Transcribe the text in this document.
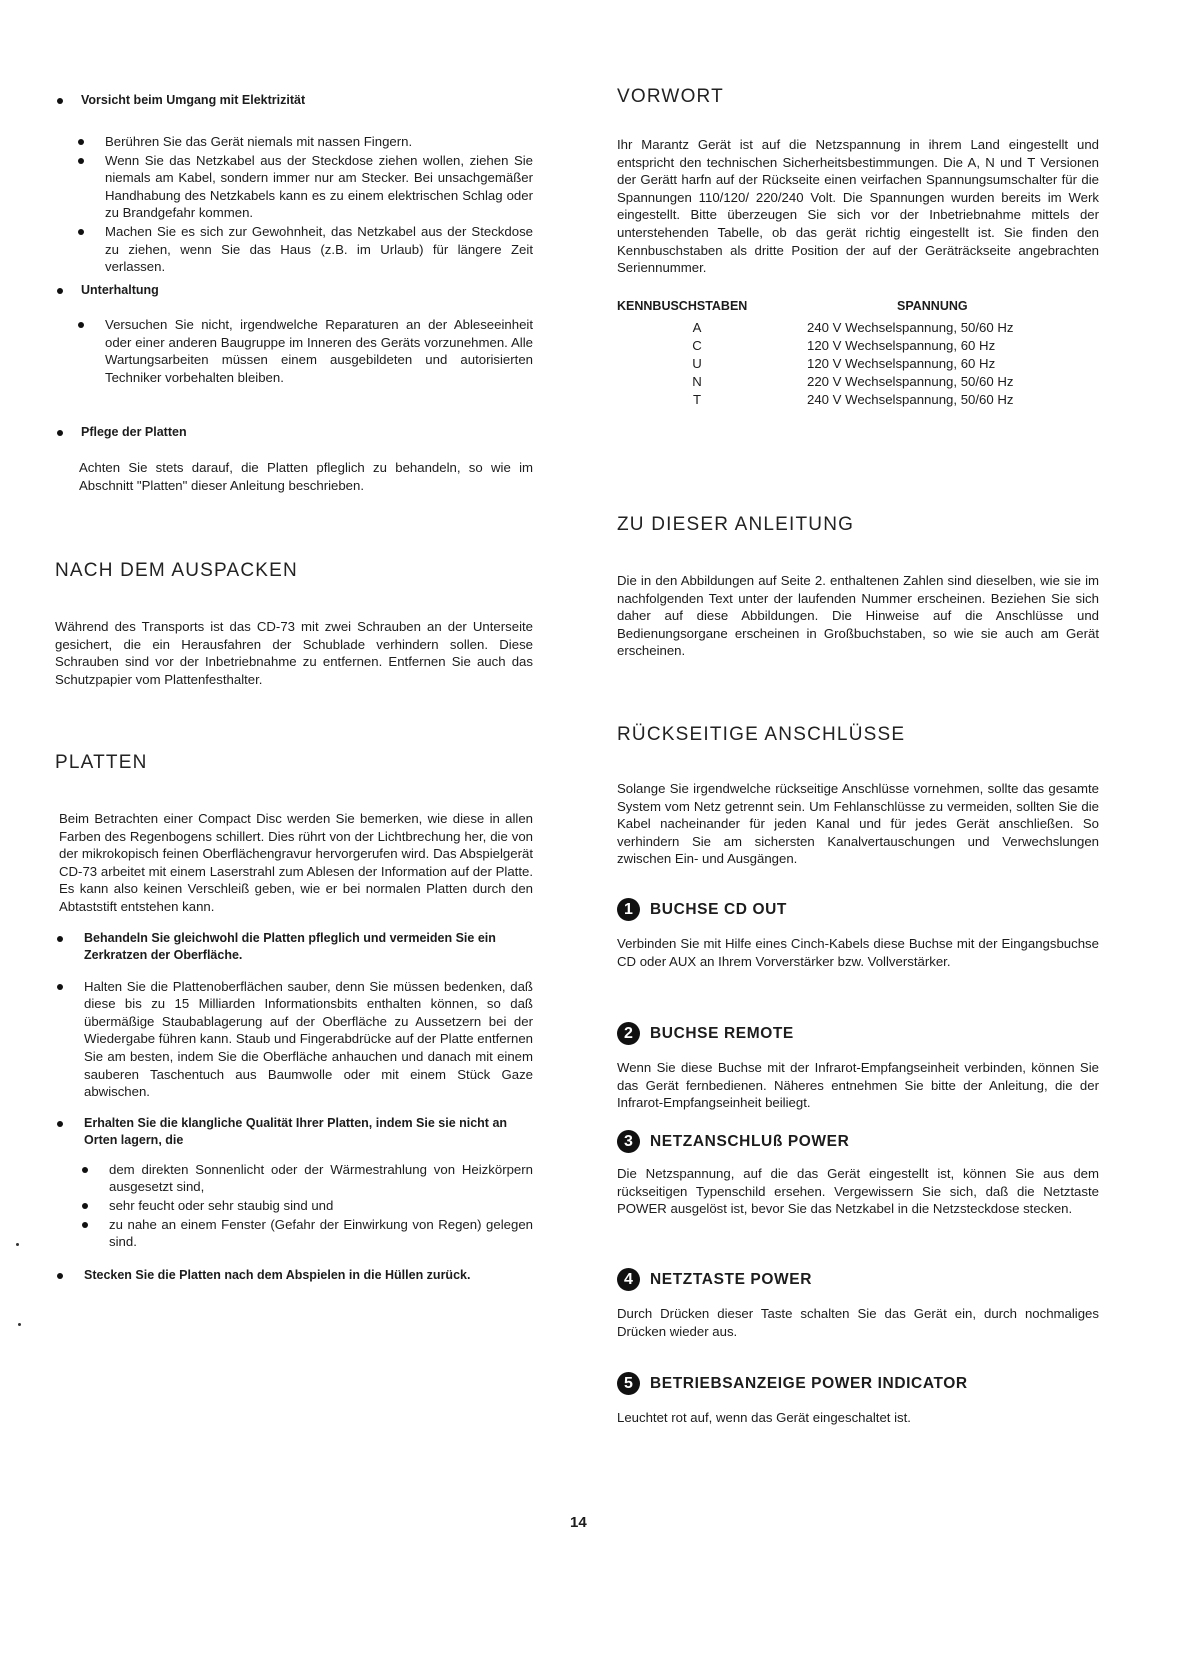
Vorsicht beim Umgang mit Elektrizität

Berühren Sie das Gerät niemals mit nassen Fingern.

Wenn Sie das Netzkabel aus der Steckdose ziehen wollen, ziehen Sie niemals am Kabel, sondern immer nur am Stecker. Bei unsachgemäßer Handhabung des Netzkabels kann es zu einem elektrischen Schlag oder zu Brandgefahr kommen.

Machen Sie es sich zur Gewohnheit, das Netzkabel aus der Steckdose zu ziehen, wenn Sie das Haus (z.B. im Urlaub) für längere Zeit verlassen.

Unterhaltung

Versuchen Sie nicht, irgendwelche Reparaturen an der Ableseeinheit oder einer anderen Baugruppe im Inneren des Geräts vorzunehmen. Alle Wartungsarbeiten müssen einem ausgebildeten und autorisierten Techniker vorbehalten bleiben.

Pflege der Platten

Achten Sie stets darauf, die Platten pfleglich zu behandeln, so wie im Abschnitt "Platten" dieser Anleitung beschrieben.

NACH DEM AUSPACKEN

Während des Transports ist das CD-73 mit zwei Schrauben an der Unterseite gesichert, die ein Herausfahren der Schublade verhindern sollen. Diese Schrauben sind vor der Inbetriebnahme zu entfernen. Entfernen Sie auch das Schutzpapier vom Plattenfesthalter.

PLATTEN

Beim Betrachten einer Compact Disc werden Sie bemerken, wie diese in allen Farben des Regenbogens schillert. Dies rührt von der Lichtbrechung her, die von der mikrokopisch feinen Oberflächengravur hervorgerufen wird. Das Abspielgerät CD-73 arbeitet mit einem Laserstrahl zum Ablesen der Information auf der Platte. Es kann also keinen Verschleiß geben, wie er bei normalen Platten durch den Abtaststift entstehen kann.

Behandeln Sie gleichwohl die Platten pfleglich und vermeiden Sie ein Zerkratzen der Oberfläche.

Halten Sie die Plattenoberflächen sauber, denn Sie müssen bedenken, daß diese bis zu 15 Milliarden Informationsbits enthalten können, so daß übermäßige Staubablagerung auf der Oberfläche zu Aussetzern bei der Wiedergabe führen kann. Staub und Fingerabdrücke auf der Platte entfernen Sie am besten, indem Sie die Oberfläche anhauchen und danach mit einem sauberen Taschentuch aus Baumwolle oder mit einem Stück Gaze abwischen.

Erhalten Sie die klangliche Qualität Ihrer Platten, indem Sie sie nicht an Orten lagern, die

dem direkten Sonnenlicht oder der Wärmestrahlung von Heizkörpern ausgesetzt sind,

sehr feucht oder sehr staubig sind und

zu nahe an einem Fenster (Gefahr der Einwirkung von Regen) gelegen sind.

Stecken Sie die Platten nach dem Abspielen in die Hüllen zurück.

VORWORT

Ihr Marantz Gerät ist auf die Netzspannung in ihrem Land eingestellt und entspricht den technischen Sicherheitsbestimmungen. Die A, N und T Versionen der Gerätt harfn auf der Rückseite einen veirfachen Spannungsumschalter für die Spannungen 110/120/ 220/240 Volt. Die Spannungen wurden bereits im Werk eingestellt. Bitte überzeugen Sie sich vor der Inbetriebnahme mittels der unterstehenden Tabelle, ob das gerät richtig eingestellt ist. Sie finden den Kennbuschstaben als dritte Position der auf der Geräträckseite angebrachten Seriennummer.

KENNBUSCHSTABEN	SPANNUNG
A	240 V Wechselspannung, 50/60 Hz
C	120 V Wechselspannung, 60 Hz
U	120 V Wechselspannung, 60 Hz
N	220 V Wechselspannung, 50/60 Hz
T	240 V Wechselspannung, 50/60 Hz
ZU DIESER ANLEITUNG

Die in den Abbildungen auf Seite 2. enthaltenen Zahlen sind dieselben, wie sie im nachfolgenden Text unter der laufenden Nummer erscheinen. Beziehen Sie sich daher auf diese Abbildungen. Die Hinweise auf die Anschlüsse und Bedienungsorgane erscheinen in Großbuchstaben, so wie sie auch am Gerät erscheinen.

RÜCKSEITIGE ANSCHLÜSSE

Solange Sie irgendwelche rückseitige Anschlüsse vornehmen, sollte das gesamte System vom Netz getrennt sein. Um Fehlanschlüsse zu vermeiden, sollten Sie die Kabel nacheinander für jeden Kanal und für jedes Gerät anschließen. So verhindern Sie am sichersten Kanalvertauschungen und Verwechslungen zwischen Ein- und Ausgängen.

1	BUCHSE CD OUT

Verbinden Sie mit Hilfe eines Cinch-Kabels diese Buchse mit der Eingangsbuchse CD oder AUX an Ihrem Vorverstärker bzw. Vollverstärker.

2	BUCHSE REMOTE

Wenn Sie diese Buchse mit der Infrarot-Empfangseinheit verbinden, können Sie das Gerät fernbedienen. Näheres entnehmen Sie bitte der Anleitung, die der Infrarot-Empfangseinheit beiliegt.

3	NETZANSCHLUß POWER

Die Netzspannung, auf die das Gerät eingestellt ist, können Sie aus dem rückseitigen Typenschild ersehen. Vergewissern Sie sich, daß die Netztaste POWER ausgelöst ist, bevor Sie das Netzkabel in die Netzsteckdose stecken.

4	NETZTASTE POWER

Durch Drücken dieser Taste schalten Sie das Gerät ein, durch nochmaliges Drücken wieder aus.

5	BETRIEBSANZEIGE POWER INDICATOR

Leuchtet rot auf, wenn das Gerät eingeschaltet ist.

14
